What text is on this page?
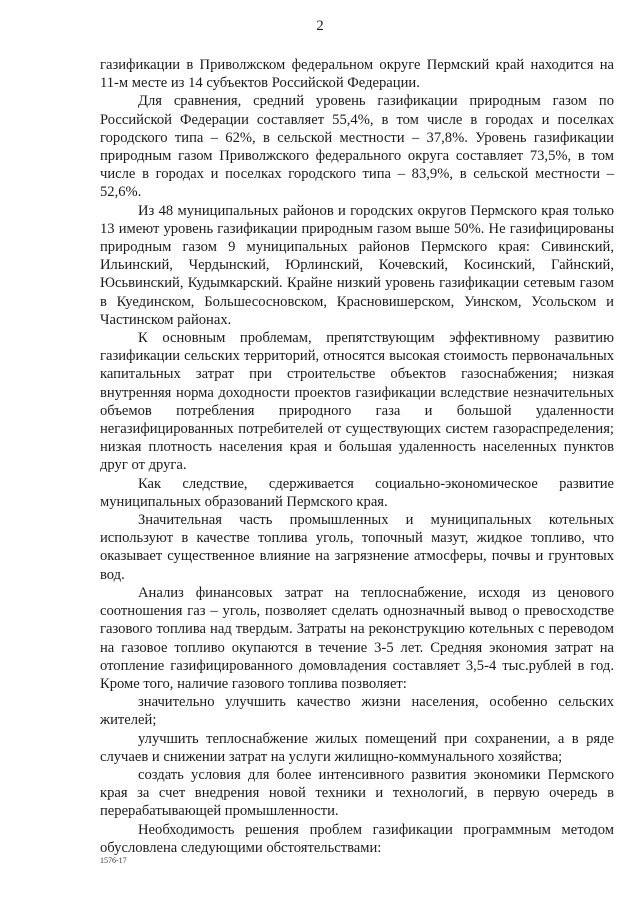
2

газификации в Приволжском федеральном округе Пермский край находится на 11-м месте из 14 субъектов Российской Федерации.

Для сравнения, средний уровень газификации природным газом по Российской Федерации составляет 55,4%, в том числе в городах и поселках городского типа – 62%, в сельской местности – 37,8%. Уровень газификации природным газом Приволжского федерального округа составляет 73,5%, в том числе в городах и поселках городского типа – 83,9%, в сельской местности – 52,6%.

Из 48 муниципальных районов и городских округов Пермского края только 13 имеют уровень газификации природным газом выше 50%. Не газифицированы природным газом 9 муниципальных районов Пермского края: Сивинский, Ильинский, Чердынский, Юрлинский, Кочевский, Косинский, Гайнский, Юсьвинский, Кудымкарский. Крайне низкий уровень газификации сетевым газом в Куединском, Большесосновском, Красновишерском, Уинском, Усольском и Частинском районах.

К основным проблемам, препятствующим эффективному развитию газификации сельских территорий, относятся высокая стоимость первоначальных капитальных затрат при строительстве объектов газоснабжения; низкая внутренняя норма доходности проектов газификации вследствие незначительных объемов потребления природного газа и большой удаленности негазифицированных потребителей от существующих систем газораспределения; низкая плотность населения края и большая удаленность населенных пунктов друг от друга.

Как следствие, сдерживается социально-экономическое развитие муниципальных образований Пермского края.

Значительная часть промышленных и муниципальных котельных используют в качестве топлива уголь, топочный мазут, жидкое топливо, что оказывает существенное влияние на загрязнение атмосферы, почвы и грунтовых вод.

Анализ финансовых затрат на теплоснабжение, исходя из ценового соотношения газ – уголь, позволяет сделать однозначный вывод о превосходстве газового топлива над твердым. Затраты на реконструкцию котельных с переводом на газовое топливо окупаются в течение 3-5 лет. Средняя экономия затрат на отопление газифицированного домовладения составляет 3,5-4 тыс.рублей в год. Кроме того, наличие газового топлива позволяет:

значительно улучшить качество жизни населения, особенно сельских жителей;

улучшить теплоснабжение жилых помещений при сохранении, а в ряде случаев и снижении затрат на услуги жилищно-коммунального хозяйства;

создать условия для более интенсивного развития экономики Пермского края за счет внедрения новой техники и технологий, в первую очередь в перерабатывающей промышленности.

Необходимость решения проблем газификации программным методом обусловлена следующими обстоятельствами:

1576-17
